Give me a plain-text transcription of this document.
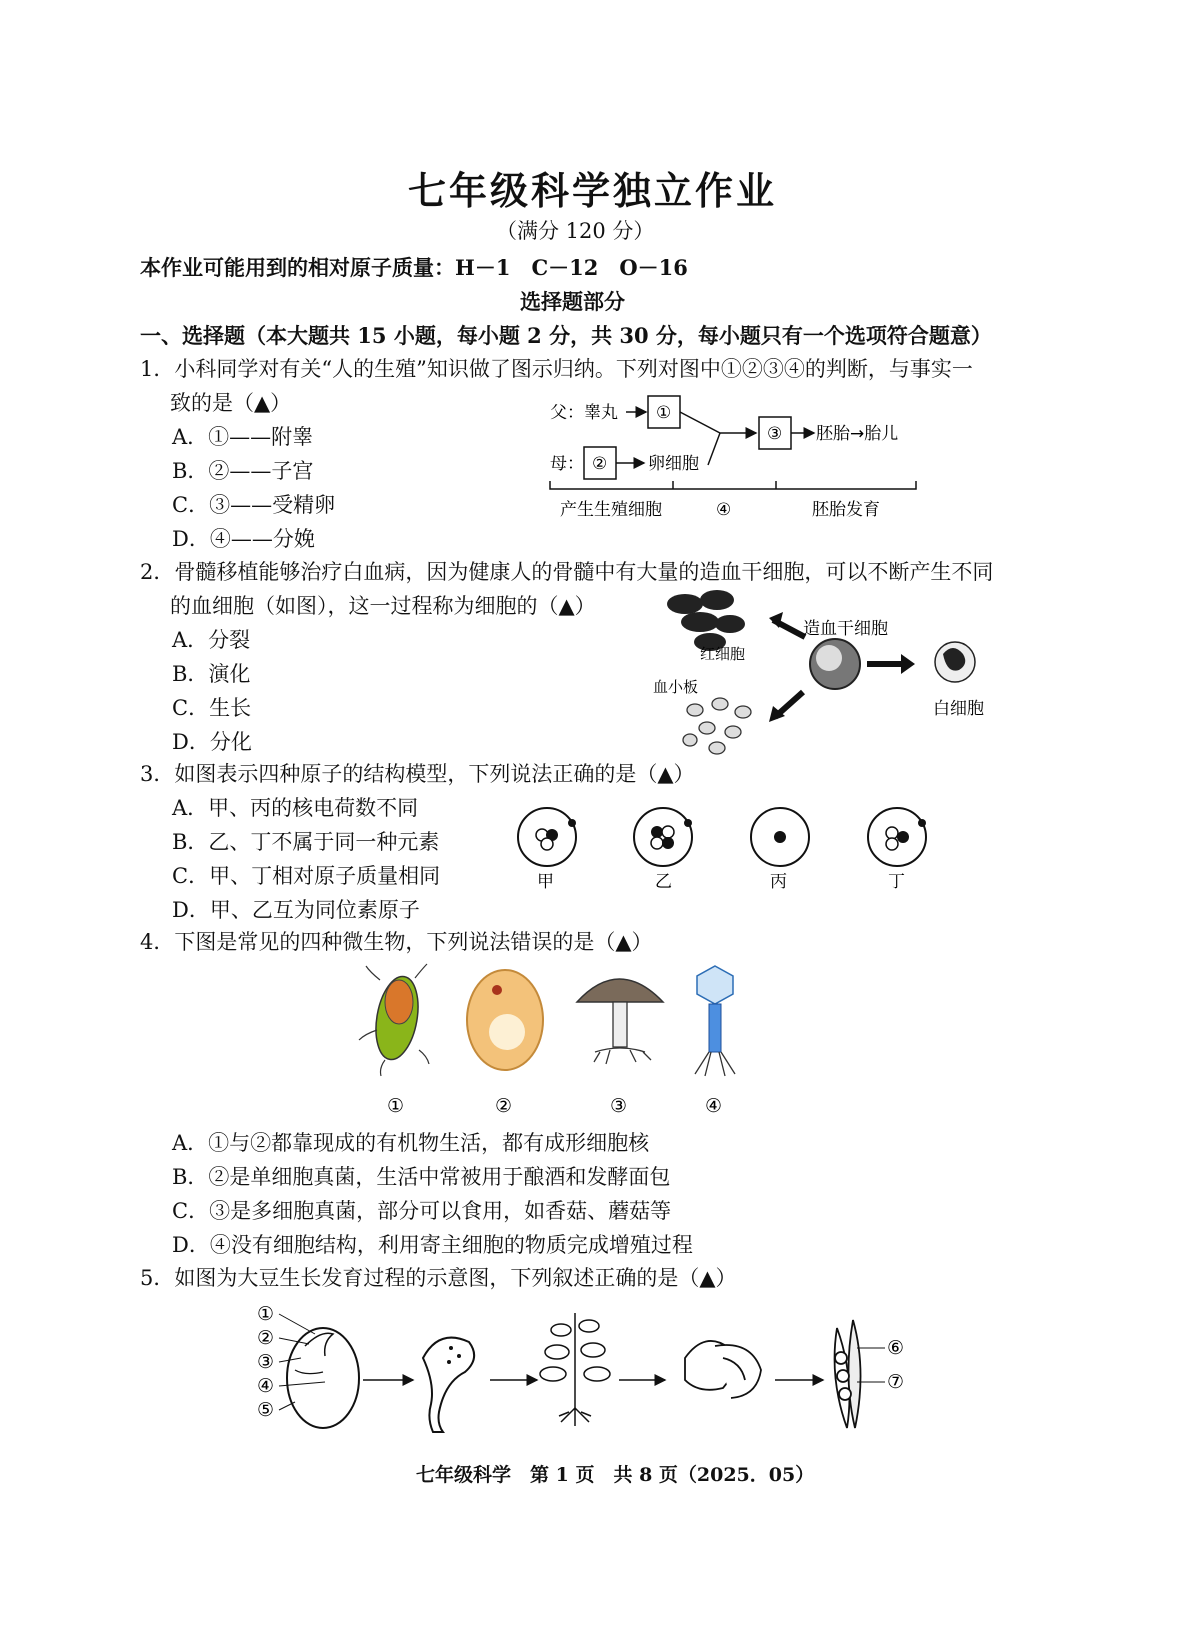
七年级科学独立作业
（满分 120 分）
本作业可能用到的相对原子质量：H－1　C－12　O－16
选择题部分
一、选择题（本大题共 15 小题，每小题 2 分，共 30 分，每小题只有一个选项符合题意）
1．小科同学对有关“人的生殖”知识做了图示归纳。下列对图中①②③④的判断，与事实一
致的是（▲）
A．①——附睾
B．②——子宫
C．③——受精卵
D．④——分娩
父：睾丸 ①
③ 胚胎→胎儿
母： ② 卵细胞
产生生殖细胞	④	胚胎发育
2．骨髓移植能够治疗白血病，因为健康人的骨髓中有大量的造血干细胞，可以不断产生不同
的血细胞（如图），这一过程称为细胞的（▲）
A．分裂
B．演化
C．生长
D．分化
红细胞
造血干细胞
白细胞
血小板
3．如图表示四种原子的结构模型，下列说法正确的是（▲）
A．甲、丙的核电荷数不同
B．乙、丁不属于同一种元素
C．甲、丁相对原子质量相同
D．甲、乙互为同位素原子
甲	乙	丙	丁
4．下图是常见的四种微生物，下列说法错误的是（▲）
①	②	③	④
A．①与②都靠现成的有机物生活，都有成形细胞核
B．②是单细胞真菌，生活中常被用于酿酒和发酵面包
C．③是多细胞真菌，部分可以食用，如香菇、蘑菇等
D．④没有细胞结构，利用寄主细胞的物质完成增殖过程
5．如图为大豆生长发育过程的示意图，下列叙述正确的是（▲）
①
②
③
④
⑤
⑥
⑦
七年级科学　第 1 页　共 8 页（2025．05）
